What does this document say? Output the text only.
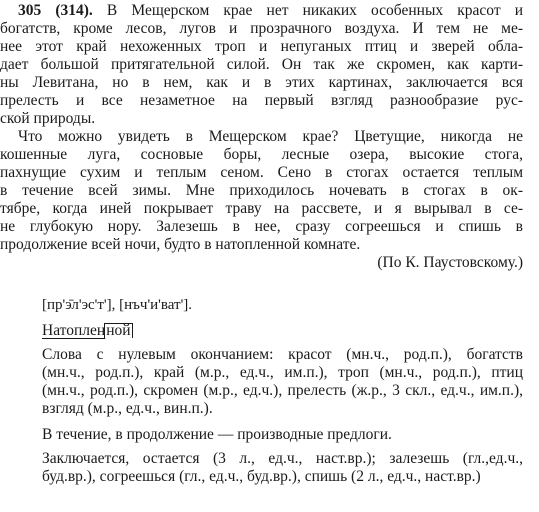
305 (314). В Мещерском крае нет никаких особенных красот и
богатств, кроме лесов, лугов и прозрачного воздуха. И тем не ме-
нее этот край нехоженных троп и непуганых птиц и зверей обла-
дает большой притягательной силой. Он так же скромен, как карти-
ны Левитана, но в нем, как и в этих картинах, заключается вся
прелесть и все незаметное на первый взгляд разнообразие рус-
ской природы.
Что можно увидеть в Мещерском крае? Цветущие, никогда не
кошенные луга, сосновые боры, лесные озера, высокие стога,
пахнущие сухим и теплым сеном. Сено в стогах остается теплым
в течение всей зимы. Мне приходилось ночевать в стогах в ок-
тябре, когда иней покрывает траву на рассвете, и я вырывал в се-
не глубокую нору. Залезешь в нее, сразу согреешься и спишь в
продолжение всей ночи, будто в натопленной комнате.
(По К. Паустовскому.)
[пр'э̄л'эс'т'], [нъч'и'ват'].
Натопленной
Слова с нулевым окончанием: красот (мн.ч., род.п.), богатств
(мн.ч., род.п.), край (м.р., ед.ч., им.п.), троп (мн.ч., род.п.), птиц
(мн.ч., род.п.), скромен (м.р., ед.ч.), прелесть (ж.р., 3 скл., ед.ч., им.п.),
взгляд (м.р., ед.ч., вин.п.).
В течение, в продолжение — производные предлоги.
Заключается, остается (3 л., ед.ч., наст.вр.); залезешь (гл.,ед.ч.,
буд.вр.), согреешься (гл., ед.ч., буд.вр.), спишь (2 л., ед.ч., наст.вр.)
